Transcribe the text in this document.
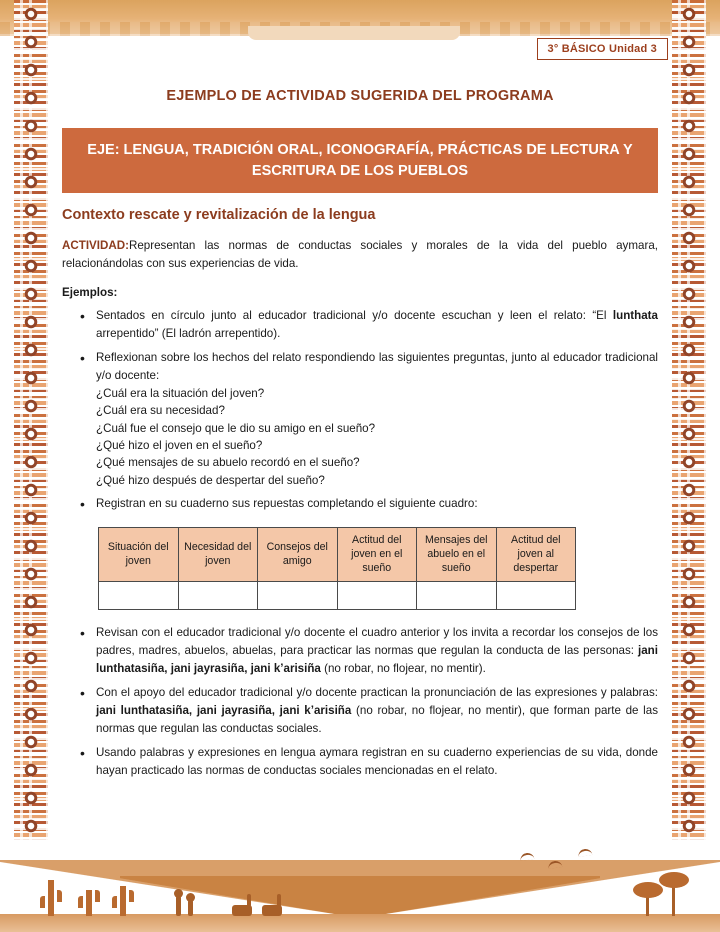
3° BÁSICO Unidad 3
EJEMPLO DE ACTIVIDAD SUGERIDA DEL PROGRAMA
EJE: LENGUA, TRADICIÓN ORAL, ICONOGRAFÍA, PRÁCTICAS DE LECTURA Y ESCRITURA DE LOS PUEBLOS
Contexto rescate y revitalización de la lengua

ACTIVIDAD:Representan las normas de conductas sociales y morales de la vida del pueblo aymara, relacionándolas con sus experiencias de vida.

Ejemplos:
• Sentados en círculo junto al educador tradicional y/o docente escuchan y leen el relato: “El lunthata arrepentido” (El ladrón arrepentido).
• Reflexionan sobre los hechos del relato respondiendo las siguientes preguntas, junto al educador tradicional y/o docente:
¿Cuál era la situación del joven?
¿Cuál era su necesidad?
¿Cuál fue el consejo que le dio su amigo en el sueño?
¿Qué hizo el joven en el sueño?
¿Qué mensajes de su abuelo recordó en el sueño?
¿Qué hizo después de despertar del sueño?
• Registran en su cuaderno sus repuestas completando el siguiente cuadro:
Situación del joven	Necesidad del joven	Consejos del amigo	Actitud del joven en el sueño	Mensajes del abuelo en el sueño	Actitud del joven al despertar

• Revisan con el educador tradicional y/o docente el cuadro anterior y los invita a recordar los consejos de los padres, madres, abuelos, abuelas, para practicar las normas que regulan la conducta de las personas: jani lunthatasiña, jani jayrasiña, jani k’arisiña (no robar, no flojear, no mentir).
• Con el apoyo del educador tradicional y/o docente practican la pronunciación de las expresiones y palabras: jani lunthatasiña, jani jayrasiña, jani k’arisiña (no robar, no flojear, no mentir), que forman parte de las normas que regulan las conductas sociales.
• Usando palabras y expresiones en lengua aymara registran en su cuaderno experiencias de su vida, donde hayan practicado las normas de conductas sociales mencionadas en el relato.
